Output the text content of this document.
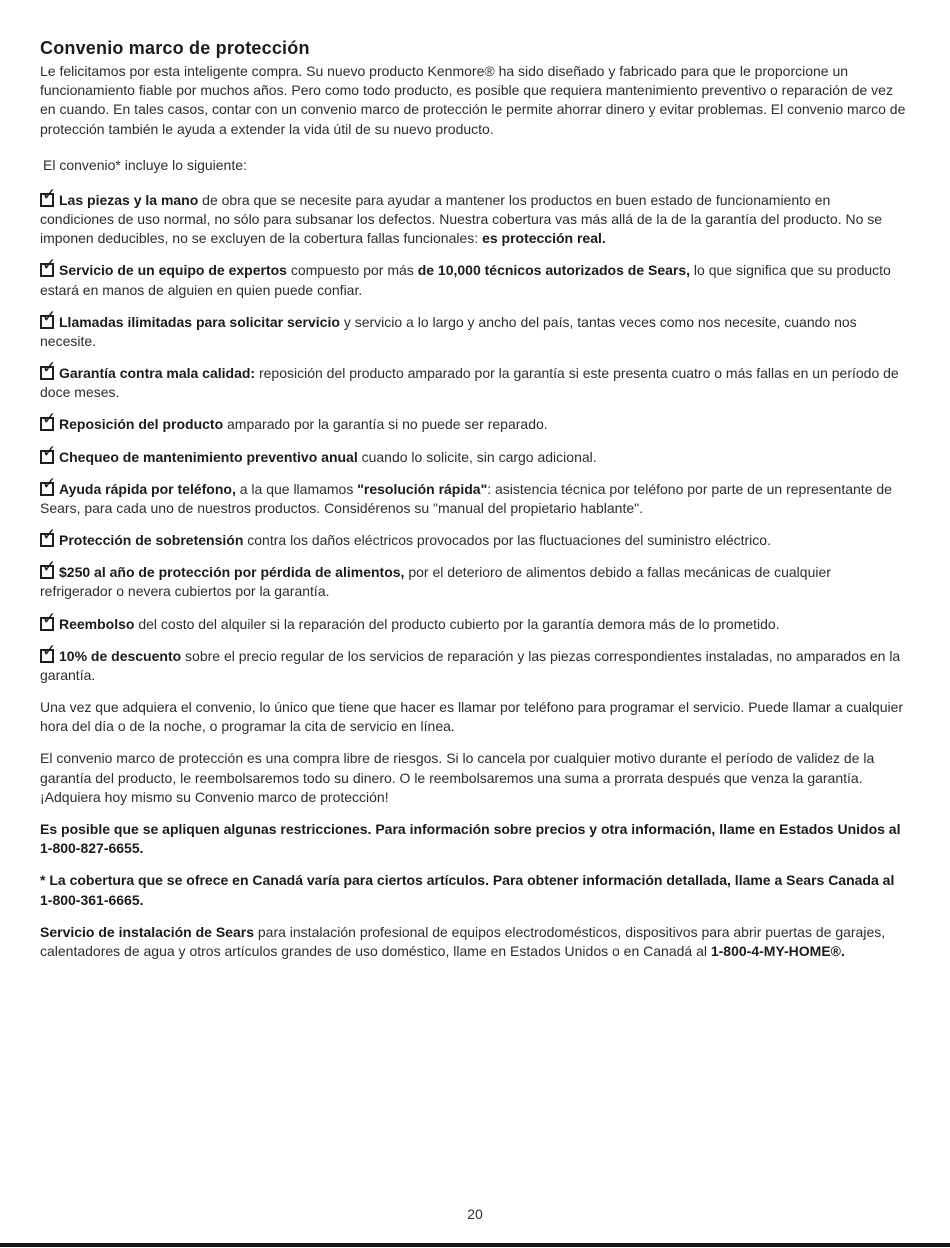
Convenio marco de protección

Le felicitamos por esta inteligente compra. Su nuevo producto Kenmore® ha sido diseñado y fabricado para que le proporcione un funcionamiento fiable por muchos años. Pero como todo producto, es posible que requiera mantenimiento preventivo o reparación de vez en cuando. En tales casos, contar con un convenio marco de protección le permite ahorrar dinero y evitar problemas. El convenio marco de protección también le ayuda a extender la vida útil de su nuevo producto.

El convenio* incluye lo siguiente:

✓ Las piezas y la mano de obra que se necesite para ayudar a mantener los productos en buen estado de funcionamiento en condiciones de uso normal, no sólo para subsanar los defectos. Nuestra cobertura vas más allá de la de la garantía del producto. No se imponen deducibles, no se excluyen de la cobertura fallas funcionales: es protección real.

✓ Servicio de un equipo de expertos compuesto por más de 10,000 técnicos autorizados de Sears, lo que significa que su producto estará en manos de alguien en quien puede confiar.

✓ Llamadas ilimitadas para solicitar servicio y servicio a lo largo y ancho del país, tantas veces como nos necesite, cuando nos necesite.

✓ Garantía contra mala calidad: reposición del producto amparado por la garantía si este presenta cuatro o más fallas en un período de doce meses.

✓ Reposición del producto amparado por la garantía si no puede ser reparado.

✓ Chequeo de mantenimiento preventivo anual cuando lo solicite, sin cargo adicional.

✓ Ayuda rápida por teléfono, a la que llamamos "resolución rápida": asistencia técnica por teléfono por parte de un representante de Sears, para cada uno de nuestros productos. Considérenos su "manual del propietario hablante".

✓ Protección de sobretensión contra los daños eléctricos provocados por las fluctuaciones del suministro eléctrico.

✓ $250 al año de protección por pérdida de alimentos, por el deterioro de alimentos debido a fallas mecánicas de cualquier refrigerador o nevera cubiertos por la garantía.

✓ Reembolso del costo del alquiler si la reparación del producto cubierto por la garantía demora más de lo prometido.

✓ 10% de descuento sobre el precio regular de los servicios de reparación y las piezas correspondientes instaladas, no amparados en la garantía.

Una vez que adquiera el convenio, lo único que tiene que hacer es llamar por teléfono para programar el servicio. Puede llamar a cualquier hora del día o de la noche, o programar la cita de servicio en línea.

El convenio marco de protección es una compra libre de riesgos. Si lo cancela por cualquier motivo durante el período de validez de la garantía del producto, le reembolsaremos todo su dinero. O le reembolsaremos una suma a prorrata después que venza la garantía. ¡Adquiera hoy mismo su Convenio marco de protección!

Es posible que se apliquen algunas restricciones. Para información sobre precios y otra información, llame en Estados Unidos al 1-800-827-6655.

* La cobertura que se ofrece en Canadá varía para ciertos artículos. Para obtener información detallada, llame a Sears Canada al 1-800-361-6665.

Servicio de instalación de Sears para instalación profesional de equipos electrodomésticos, dispositivos para abrir puertas de garajes, calentadores de agua y otros artículos grandes de uso doméstico, llame en Estados Unidos o en Canadá al 1-800-4-MY-HOME®.

20
